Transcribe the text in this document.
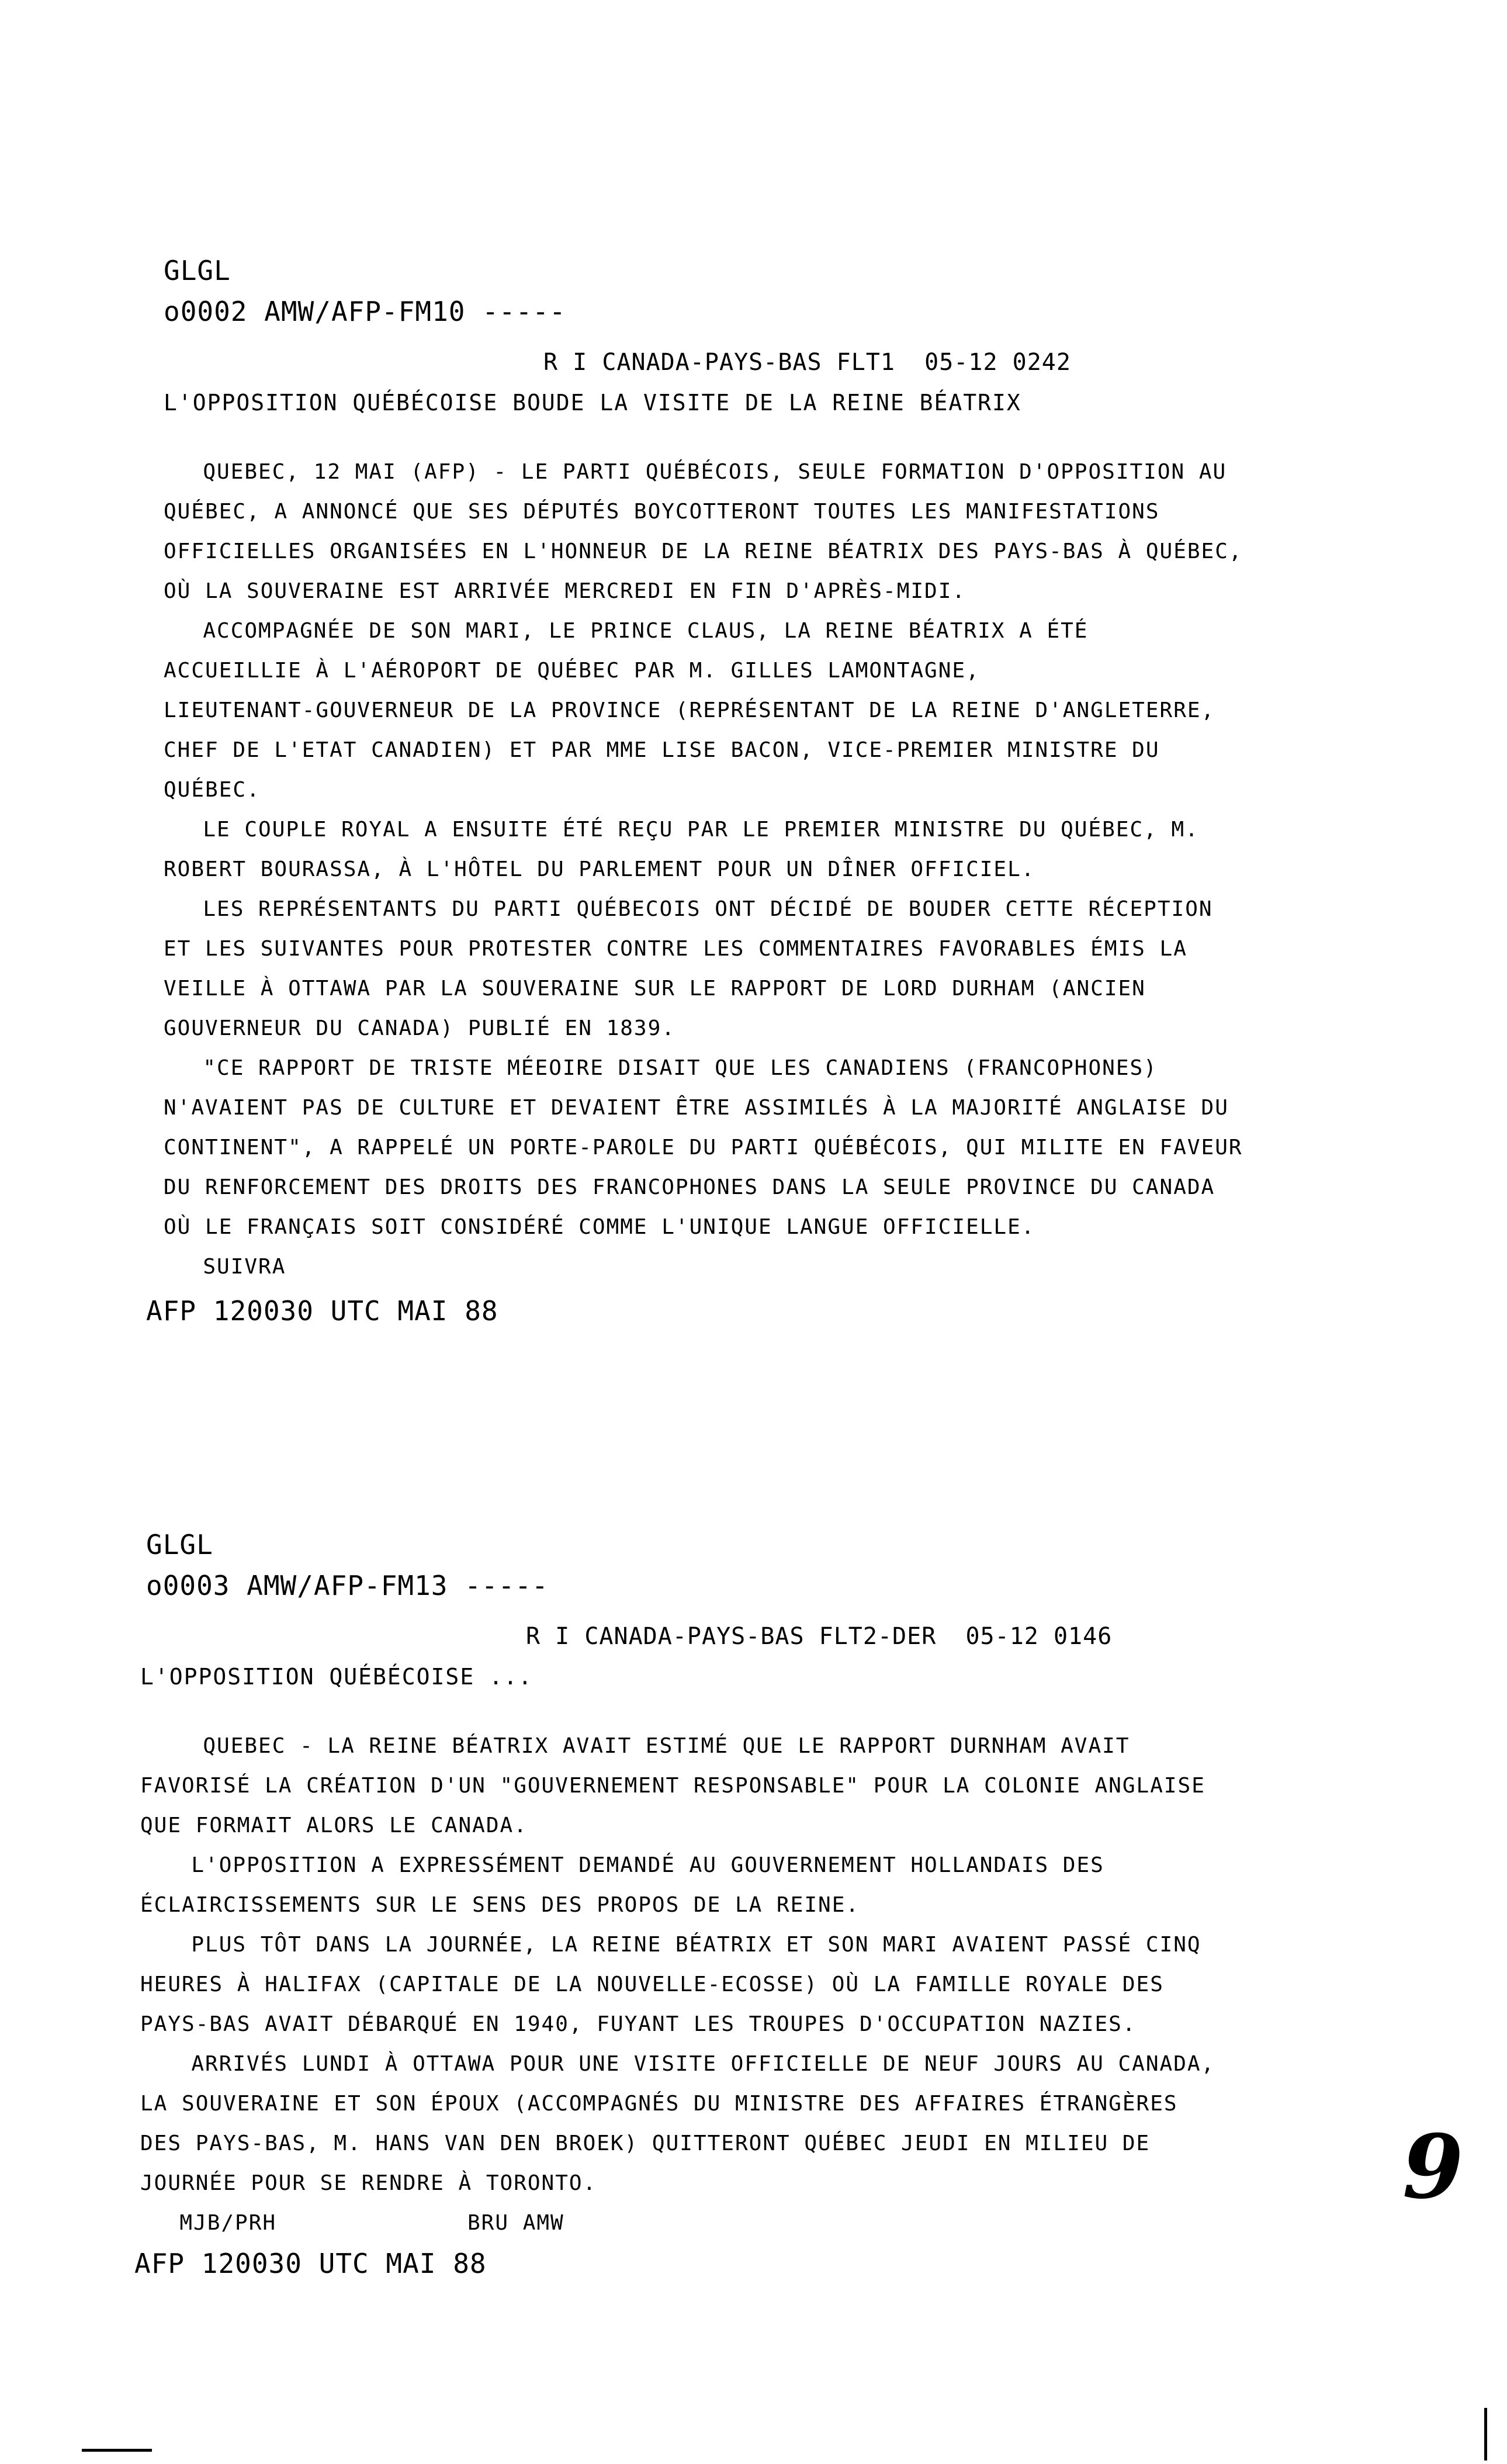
GLGL
o0002 AMW/AFP-FM10 -----
R I CANADA-PAYS-BAS FLT1  05-12 0242
L'OPPOSITION QUÉBÉCOISE BOUDE LA VISITE DE LA REINE BÉATRIX
QUEBEC, 12 MAI (AFP) - LE PARTI QUÉBÉCOIS, SEULE FORMATION D'OPPOSITION AU
QUÉBEC, A ANNONCÉ QUE SES DÉPUTÉS BOYCOTTERONT TOUTES LES MANIFESTATIONS
OFFICIELLES ORGANISÉES EN L'HONNEUR DE LA REINE BÉATRIX DES PAYS-BAS À QUÉBEC,
OÙ LA SOUVERAINE EST ARRIVÉE MERCREDI EN FIN D'APRÈS-MIDI.
ACCOMPAGNÉE DE SON MARI, LE PRINCE CLAUS, LA REINE BÉATRIX A ÉTÉ
ACCUEILLIE À L'AÉROPORT DE QUÉBEC PAR M. GILLES LAMONTAGNE,
LIEUTENANT-GOUVERNEUR DE LA PROVINCE (REPRÉSENTANT DE LA REINE D'ANGLETERRE,
CHEF DE L'ETAT CANADIEN) ET PAR MME LISE BACON, VICE-PREMIER MINISTRE DU
QUÉBEC.
LE COUPLE ROYAL A ENSUITE ÉTÉ REÇU PAR LE PREMIER MINISTRE DU QUÉBEC, M.
ROBERT BOURASSA, À L'HÔTEL DU PARLEMENT POUR UN DÎNER OFFICIEL.
LES REPRÉSENTANTS DU PARTI QUÉBECOIS ONT DÉCIDÉ DE BOUDER CETTE RÉCEPTION
ET LES SUIVANTES POUR PROTESTER CONTRE LES COMMENTAIRES FAVORABLES ÉMIS LA
VEILLE À OTTAWA PAR LA SOUVERAINE SUR LE RAPPORT DE LORD DURHAM (ANCIEN
GOUVERNEUR DU CANADA) PUBLIÉ EN 1839.
"CE RAPPORT DE TRISTE MÉEOIRE DISAIT QUE LES CANADIENS (FRANCOPHONES)
N'AVAIENT PAS DE CULTURE ET DEVAIENT ÊTRE ASSIMILÉS À LA MAJORITÉ ANGLAISE DU
CONTINENT", A RAPPELÉ UN PORTE-PAROLE DU PARTI QUÉBÉCOIS, QUI MILITE EN FAVEUR
DU RENFORCEMENT DES DROITS DES FRANCOPHONES DANS LA SEULE PROVINCE DU CANADA
OÙ LE FRANÇAIS SOIT CONSIDÉRÉ COMME L'UNIQUE LANGUE OFFICIELLE.
SUIVRA
AFP 120030 UTC MAI 88
GLGL
o0003 AMW/AFP-FM13 -----
R I CANADA-PAYS-BAS FLT2-DER  05-12 0146
L'OPPOSITION QUÉBÉCOISE ...
QUEBEC - LA REINE BÉATRIX AVAIT ESTIMÉ QUE LE RAPPORT DURNHAM AVAIT
FAVORISÉ LA CRÉATION D'UN "GOUVERNEMENT RESPONSABLE" POUR LA COLONIE ANGLAISE
QUE FORMAIT ALORS LE CANADA.
L'OPPOSITION A EXPRESSÉMENT DEMANDÉ AU GOUVERNEMENT HOLLANDAIS DES
ÉCLAIRCISSEMENTS SUR LE SENS DES PROPOS DE LA REINE.
PLUS TÔT DANS LA JOURNÉE, LA REINE BÉATRIX ET SON MARI AVAIENT PASSÉ CINQ
HEURES À HALIFAX (CAPITALE DE LA NOUVELLE-ECOSSE) OÙ LA FAMILLE ROYALE DES
PAYS-BAS AVAIT DÉBARQUÉ EN 1940, FUYANT LES TROUPES D'OCCUPATION NAZIES.
ARRIVÉS LUNDI À OTTAWA POUR UNE VISITE OFFICIELLE DE NEUF JOURS AU CANADA,
LA SOUVERAINE ET SON ÉPOUX (ACCOMPAGNÉS DU MINISTRE DES AFFAIRES ÉTRANGÈRES
DES PAYS-BAS, M. HANS VAN DEN BROEK) QUITTERONT QUÉBEC JEUDI EN MILIEU DE
JOURNÉE POUR SE RENDRE À TORONTO.
MJB/PRH	BRU AMW
AFP 120030 UTC MAI 88
9
